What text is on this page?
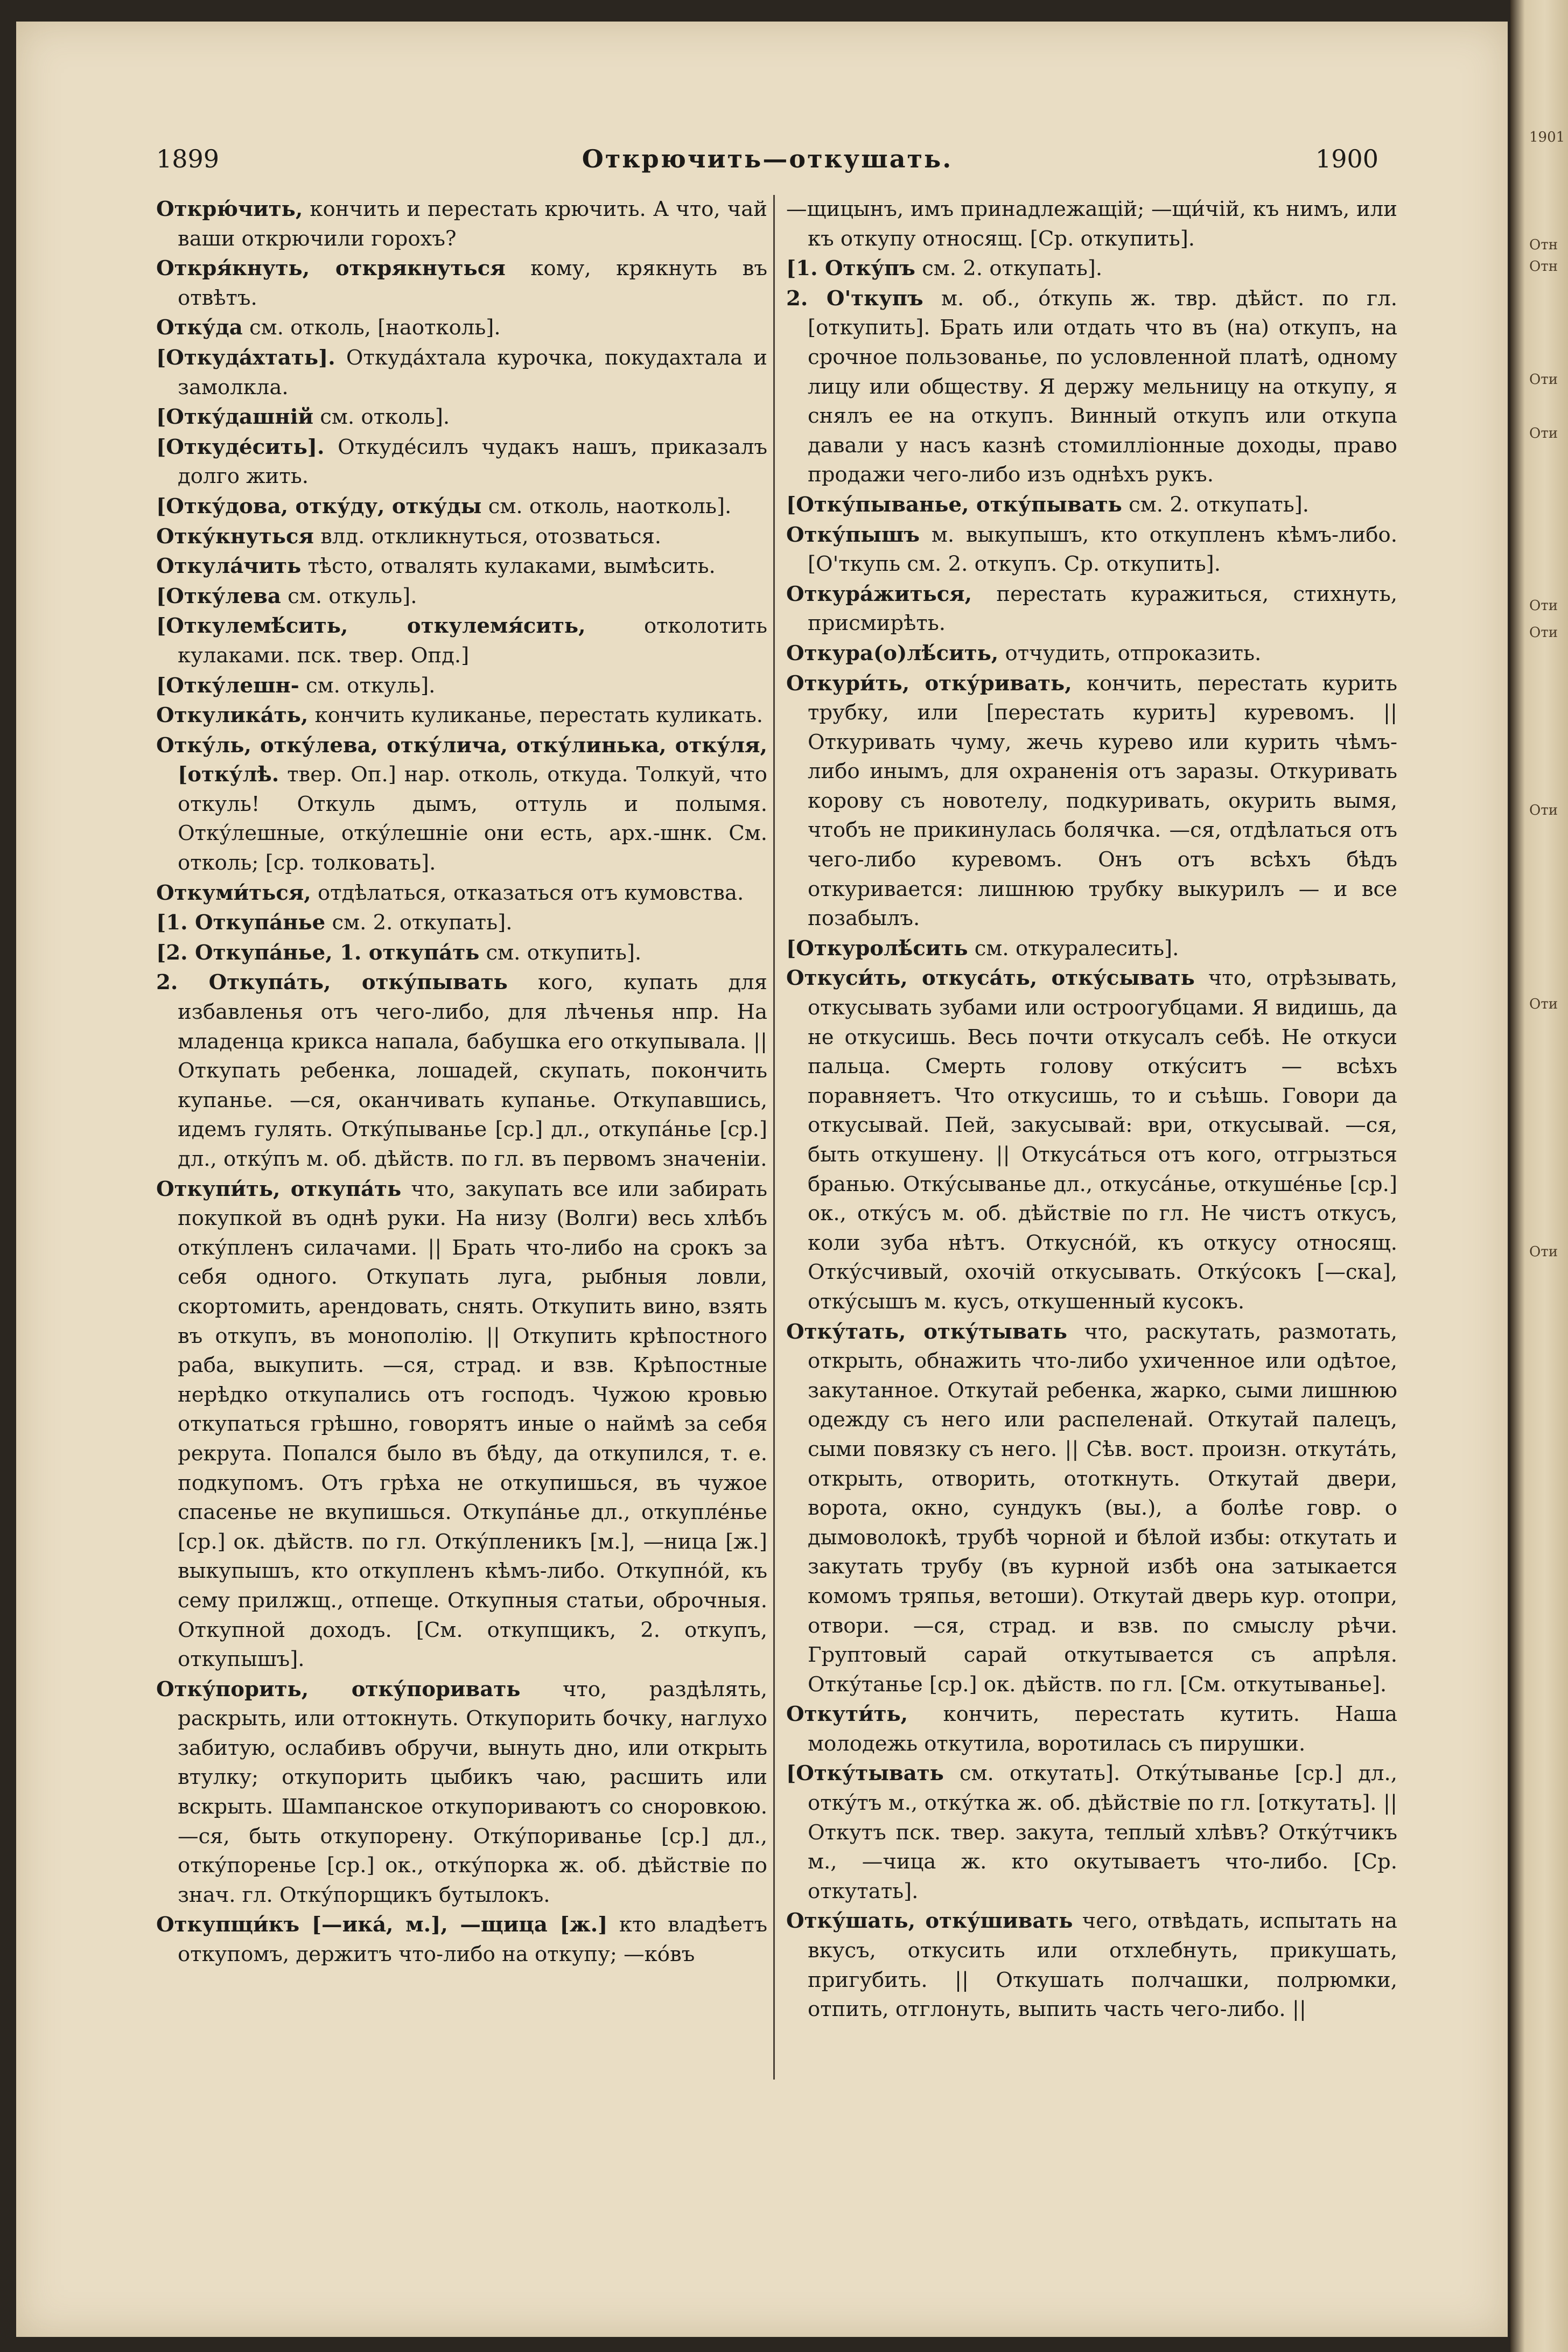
1901
Отн
Отн
Оти
Оти
Оти
Оти
Оти
Оти
Оти
1899	Открючить—откушать.	1900

Открю́чить, кончить и перестать крючить. А что, чай ваши открючили горохъ?

Откря́кнуть, открякнуться кому, крякнуть въ отвѣтъ.

Отку́да см. отколь, [наотколь].

[Откуда́хтать]. Откуда́хтала курочка, покудахтала и замолкла.

[Отку́дашній см. отколь].

[Откуде́сить]. Откуде́силъ чудакъ нашъ, приказалъ долго жить.

[Отку́дова, отку́ду, отку́ды см. отколь, наотколь].

Отку́кнуться влд. откликнуться, отозваться.

Откула́чить тѣсто, отвалять кулаками, вымѣсить.

[Отку́лева см. откуль].

[Откулемѣ́сить, откулемя́сить, отколотить кулаками. пск. твер. Опд.]

[Отку́лешн- см. откуль].

Откулика́ть, кончить куликанье, перестать куликать.

Отку́ль, отку́лева, отку́лича, отку́линька, отку́ля, [отку́лѣ. твер. Оп.] нар. отколь, откуда. Толкуй, что откуль! Откуль дымъ, оттуль и полымя. Отку́лешные, отку́лешніе они есть, арх.-шнк. См. отколь; [ср. толковать].

Откуми́ться, отдѣлаться, отказаться отъ кумовства.

[1. Откупа́нье см. 2. откупать].

[2. Откупа́нье, 1. откупа́ть см. откупить].

2. Откупа́ть, отку́пывать кого, купать для избавленья отъ чего-либо, для лѣченья нпр. На младенца крикса напала, бабушка его откупывала. || Откупать ребенка, лошадей, скупать, покончить купанье. —ся, оканчивать купанье. Откупавшись, идемъ гулять. Отку́пыванье [ср.] дл., откупа́нье [ср.] дл., отку́пъ м. об. дѣйств. по гл. въ первомъ значеніи.

Откупи́ть, откупа́ть что, закупать все или забирать покупкой въ однѣ руки. На низу (Волги) весь хлѣбъ отку́пленъ силачами. || Брать что-либо на срокъ за себя одного. Откупать луга, рыбныя ловли, скортомить, арендовать, снять. Откупить вино, взять въ откупъ, въ монополію. || Откупить крѣпостного раба, выкупить. —ся, страд. и взв. Крѣпостные нерѣдко откупались отъ господъ. Чужою кровью откупаться грѣшно, говорятъ иные о наймѣ за себя рекрута. Попался было въ бѣду, да откупился, т. е. подкупомъ. Отъ грѣха не откупишься, въ чужое спасенье не вкупишься. Откупа́нье дл., откупле́нье [ср.] ок. дѣйств. по гл. Отку́пленикъ [м.], —ница [ж.] выкупышъ, кто откупленъ кѣмъ-либо. Откупно́й, къ сему прилжщ., отпеще. Откупныя статьи, оброчныя. Откупной доходъ. [См. откупщикъ, 2. откупъ, откупышъ].

Отку́порить, отку́поривать что, раздѣлять, раскрыть, или оттокнуть. Откупорить бочку, наглухо забитую, ослабивъ обручи, вынуть дно, или открыть втулку; откупорить цыбикъ чаю, расшить или вскрыть. Шампанское откупориваютъ со сноровкою. —ся, быть откупорену. Отку́пориванье [ср.] дл., отку́пореньe [ср.] ок., отку́порка ж. об. дѣйствіе по знач. гл. Отку́порщикъ бутылокъ.

Откупщи́къ [—ика́, м.], —щица [ж.] кто владѣетъ откупомъ, держитъ что-либо на откупу; —ко́въ

—щицынъ, имъ принадлежащій; —щи́чій, къ нимъ, или къ откупу относящ. [Ср. откупить].

[1. Отку́пъ см. 2. откупать].

2. О'ткупъ м. об., о́ткупь ж. твр. дѣйст. по гл. [откупить]. Брать или отдать что въ (на) откупъ, на срочное пользованье, по условленной платѣ, одному лицу или обществу. Я держу мельницу на откупу, я снялъ ее на откупъ. Винный откупъ или откупа давали у насъ казнѣ стомилліонные доходы, право продажи чего-либо изъ однѣхъ рукъ.

[Отку́пыванье, отку́пывать см. 2. откупать].

Отку́пышъ м. выкупышъ, кто откупленъ кѣмъ-либо. [О'ткупь см. 2. откупъ. Ср. откупить].

Откура́житься, перестать куражиться, стихнуть, присмирѣть.

Откура(о)лѣ́сить, отчудить, отпроказить.

Откури́ть, отку́ривать, кончить, перестать курить трубку, или [перестать курить] куревомъ. || Откуривать чуму, жечь курево или курить чѣмъ-либо инымъ, для охраненія отъ заразы. Откуривать корову съ новотелу, подкуривать, окурить вымя, чтобъ не прикинулась болячка. —ся, отдѣлаться отъ чего-либо куревомъ. Онъ отъ всѣхъ бѣдъ откуривается: лишнюю трубку выкурилъ — и все позабылъ.

[Откуролѣ́сить см. откуралесить].

Откуси́ть, откуса́ть, отку́сывать что, отрѣзывать, откусывать зубами или остроогубцами. Я видишь, да не откусишь. Весь почти откусалъ себѣ. Не откуси пальца. Смерть голову отку́ситъ — всѣхъ поравняетъ. Что откусишь, то и съѣшь. Говори да откусывай. Пей, закусывай: ври, откусывай. —ся, быть откушену. || Откуса́ться отъ кого, отгрызться бранью. Отку́сыванье дл., откуса́нье, откуше́нье [ср.] ок., отку́съ м. об. дѣйствіе по гл. Не чистъ откусъ, коли зуба нѣтъ. Откусно́й, къ откусу относящ. Отку́счивый, охочій откусывать. Отку́сокъ [—ска], отку́сышъ м. кусъ, откушенный кусокъ.

Отку́тать, отку́тывать что, раскутать, размотать, открыть, обнажить что-либо ухиченное или одѣтое, закутанное. Откутай ребенка, жарко, сыми лишнюю одежду съ него или распеленай. Откутай палецъ, сыми повязку съ него. || Сѣв. вост. произн. откута́ть, открыть, отворить, ототкнуть. Откутай двери, ворота, окно, сундукъ (вы.), а болѣе говр. о дымоволокѣ, трубѣ чорной и бѣлой избы: откутать и закутать трубу (въ курной избѣ она затыкается комомъ тряпья, ветоши). Откутай дверь кур. отопри, отвори. —ся, страд. и взв. по смыслу рѣчи. Груптовый сарай откутывается съ апрѣля. Отку́танье [ср.] ок. дѣйств. по гл. [См. откутыванье].

Откути́ть, кончить, перестать кутить. Наша молодежь откутила, воротилась съ пирушки.

[Отку́тывать см. откутать]. Отку́тыванье [ср.] дл., отку́тъ м., отку́тка ж. об. дѣйствіе по гл. [откутать]. || Откутъ пск. твер. закута, теплый хлѣвъ? Отку́тчикъ м., —чица ж. кто окутываетъ что-либо. [Ср. откутать].

Отку́шать, отку́шивать чего, отвѣдать, испытать на вкусъ, откусить или отхлебнуть, прикушать, пригубить. || Откушать полчашки, полрюмки, отпить, отглонуть, выпить часть чего-либо. ||
